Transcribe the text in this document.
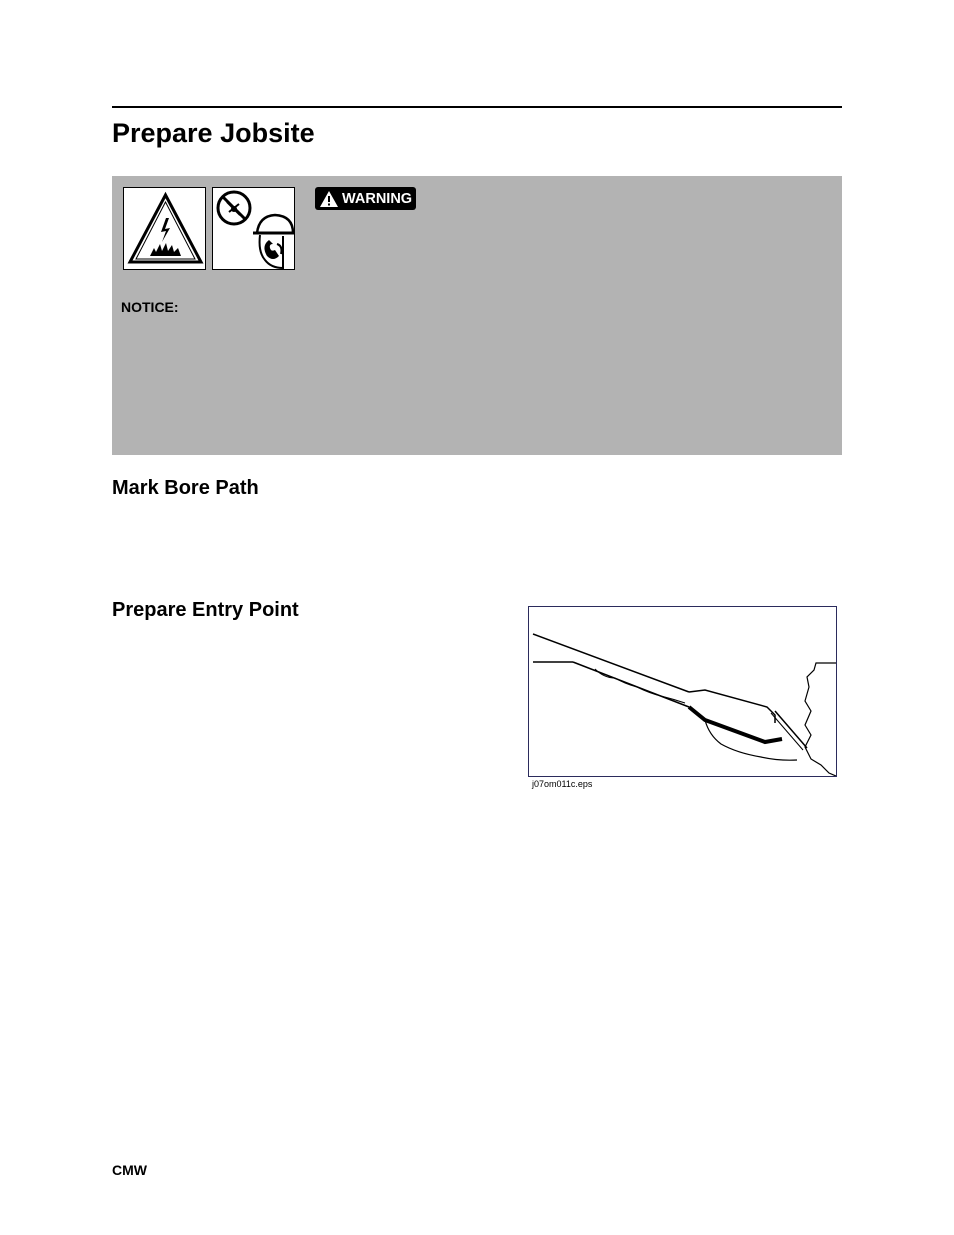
Prepare Jobsite
WARNING
NOTICE:
Mark Bore Path
Prepare Entry Point
j07om011c.eps
CMW
